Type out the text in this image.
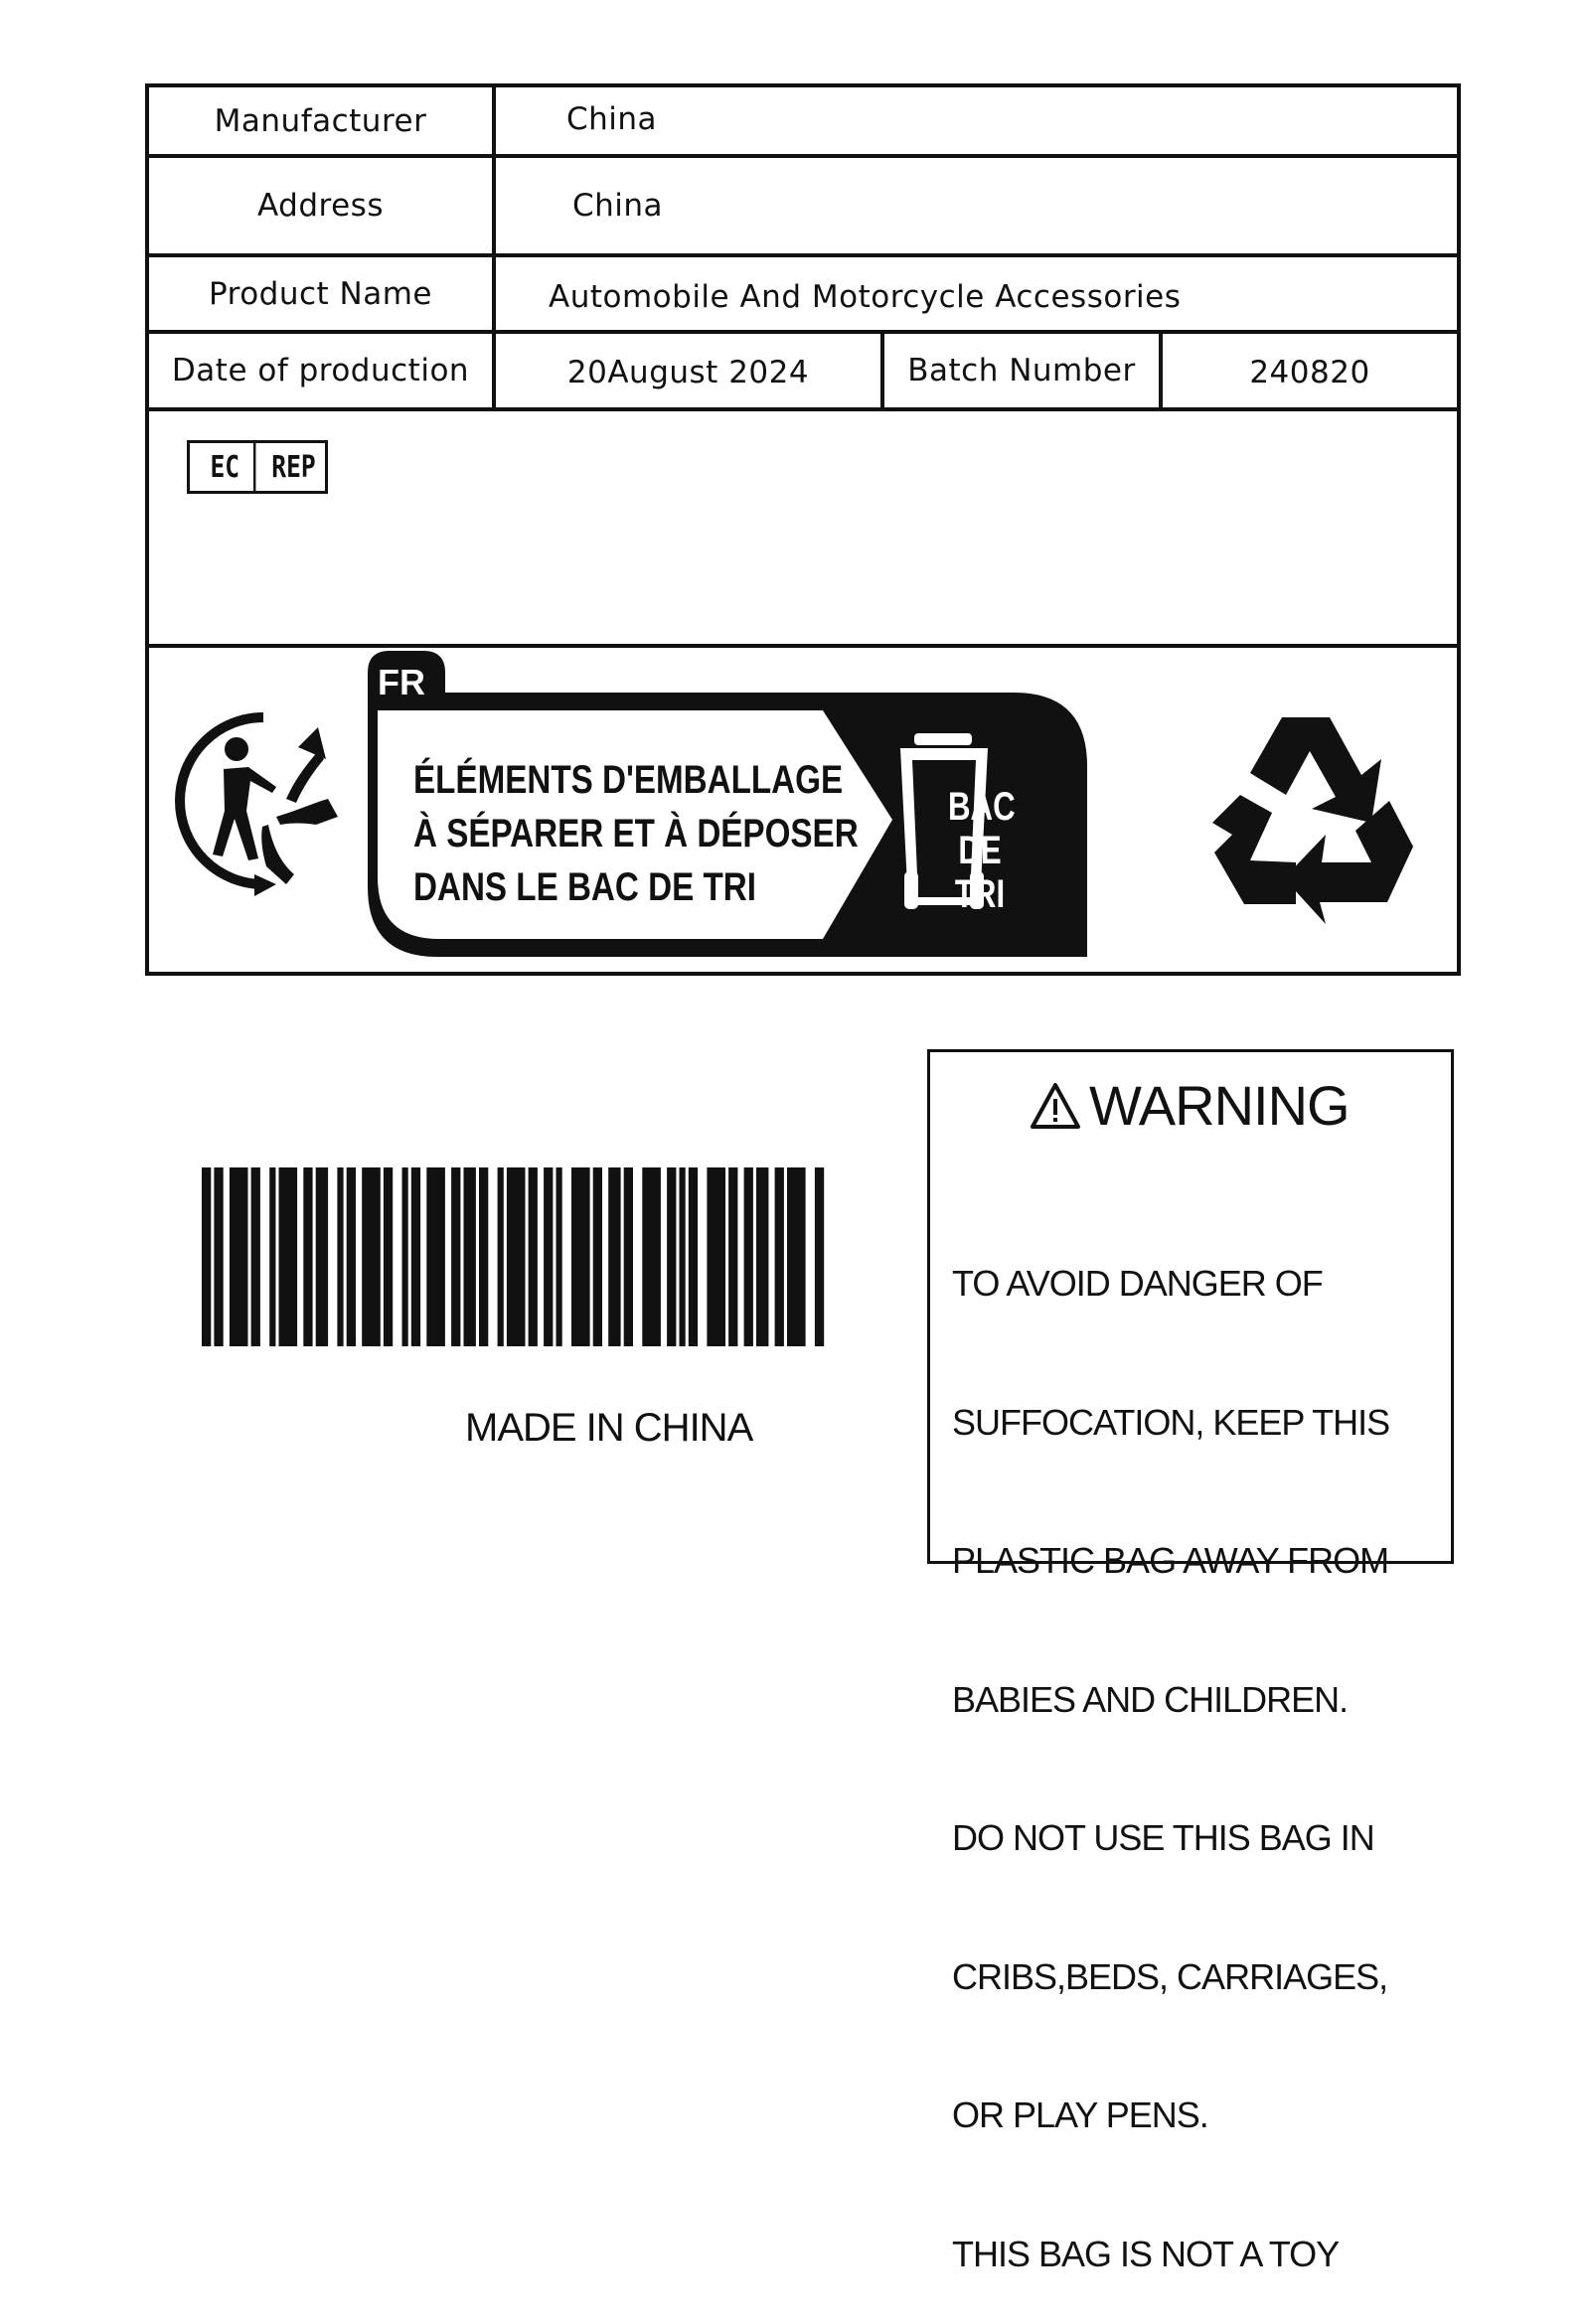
Manufacturer	China
Address	China
Product Name	Automobile And Motorcycle Accessories
Date of production	20August 2024	Batch Number	240820
EC	REP
FR
ÉLÉMENTS D'EMBALLAGE
À SÉPARER ET À DÉPOSER
DANS LE BAC DE TRI
BAC
DE
TRI
MADE IN CHINA
WARNING

TO AVOID DANGER OF

SUFFOCATION, KEEP THIS

PLASTIC BAG AWAY FROM

BABIES AND CHILDREN.

DO NOT USE THIS BAG IN

CRIBS,BEDS, CARRIAGES,

OR PLAY PENS.

THIS BAG IS NOT A TOY
